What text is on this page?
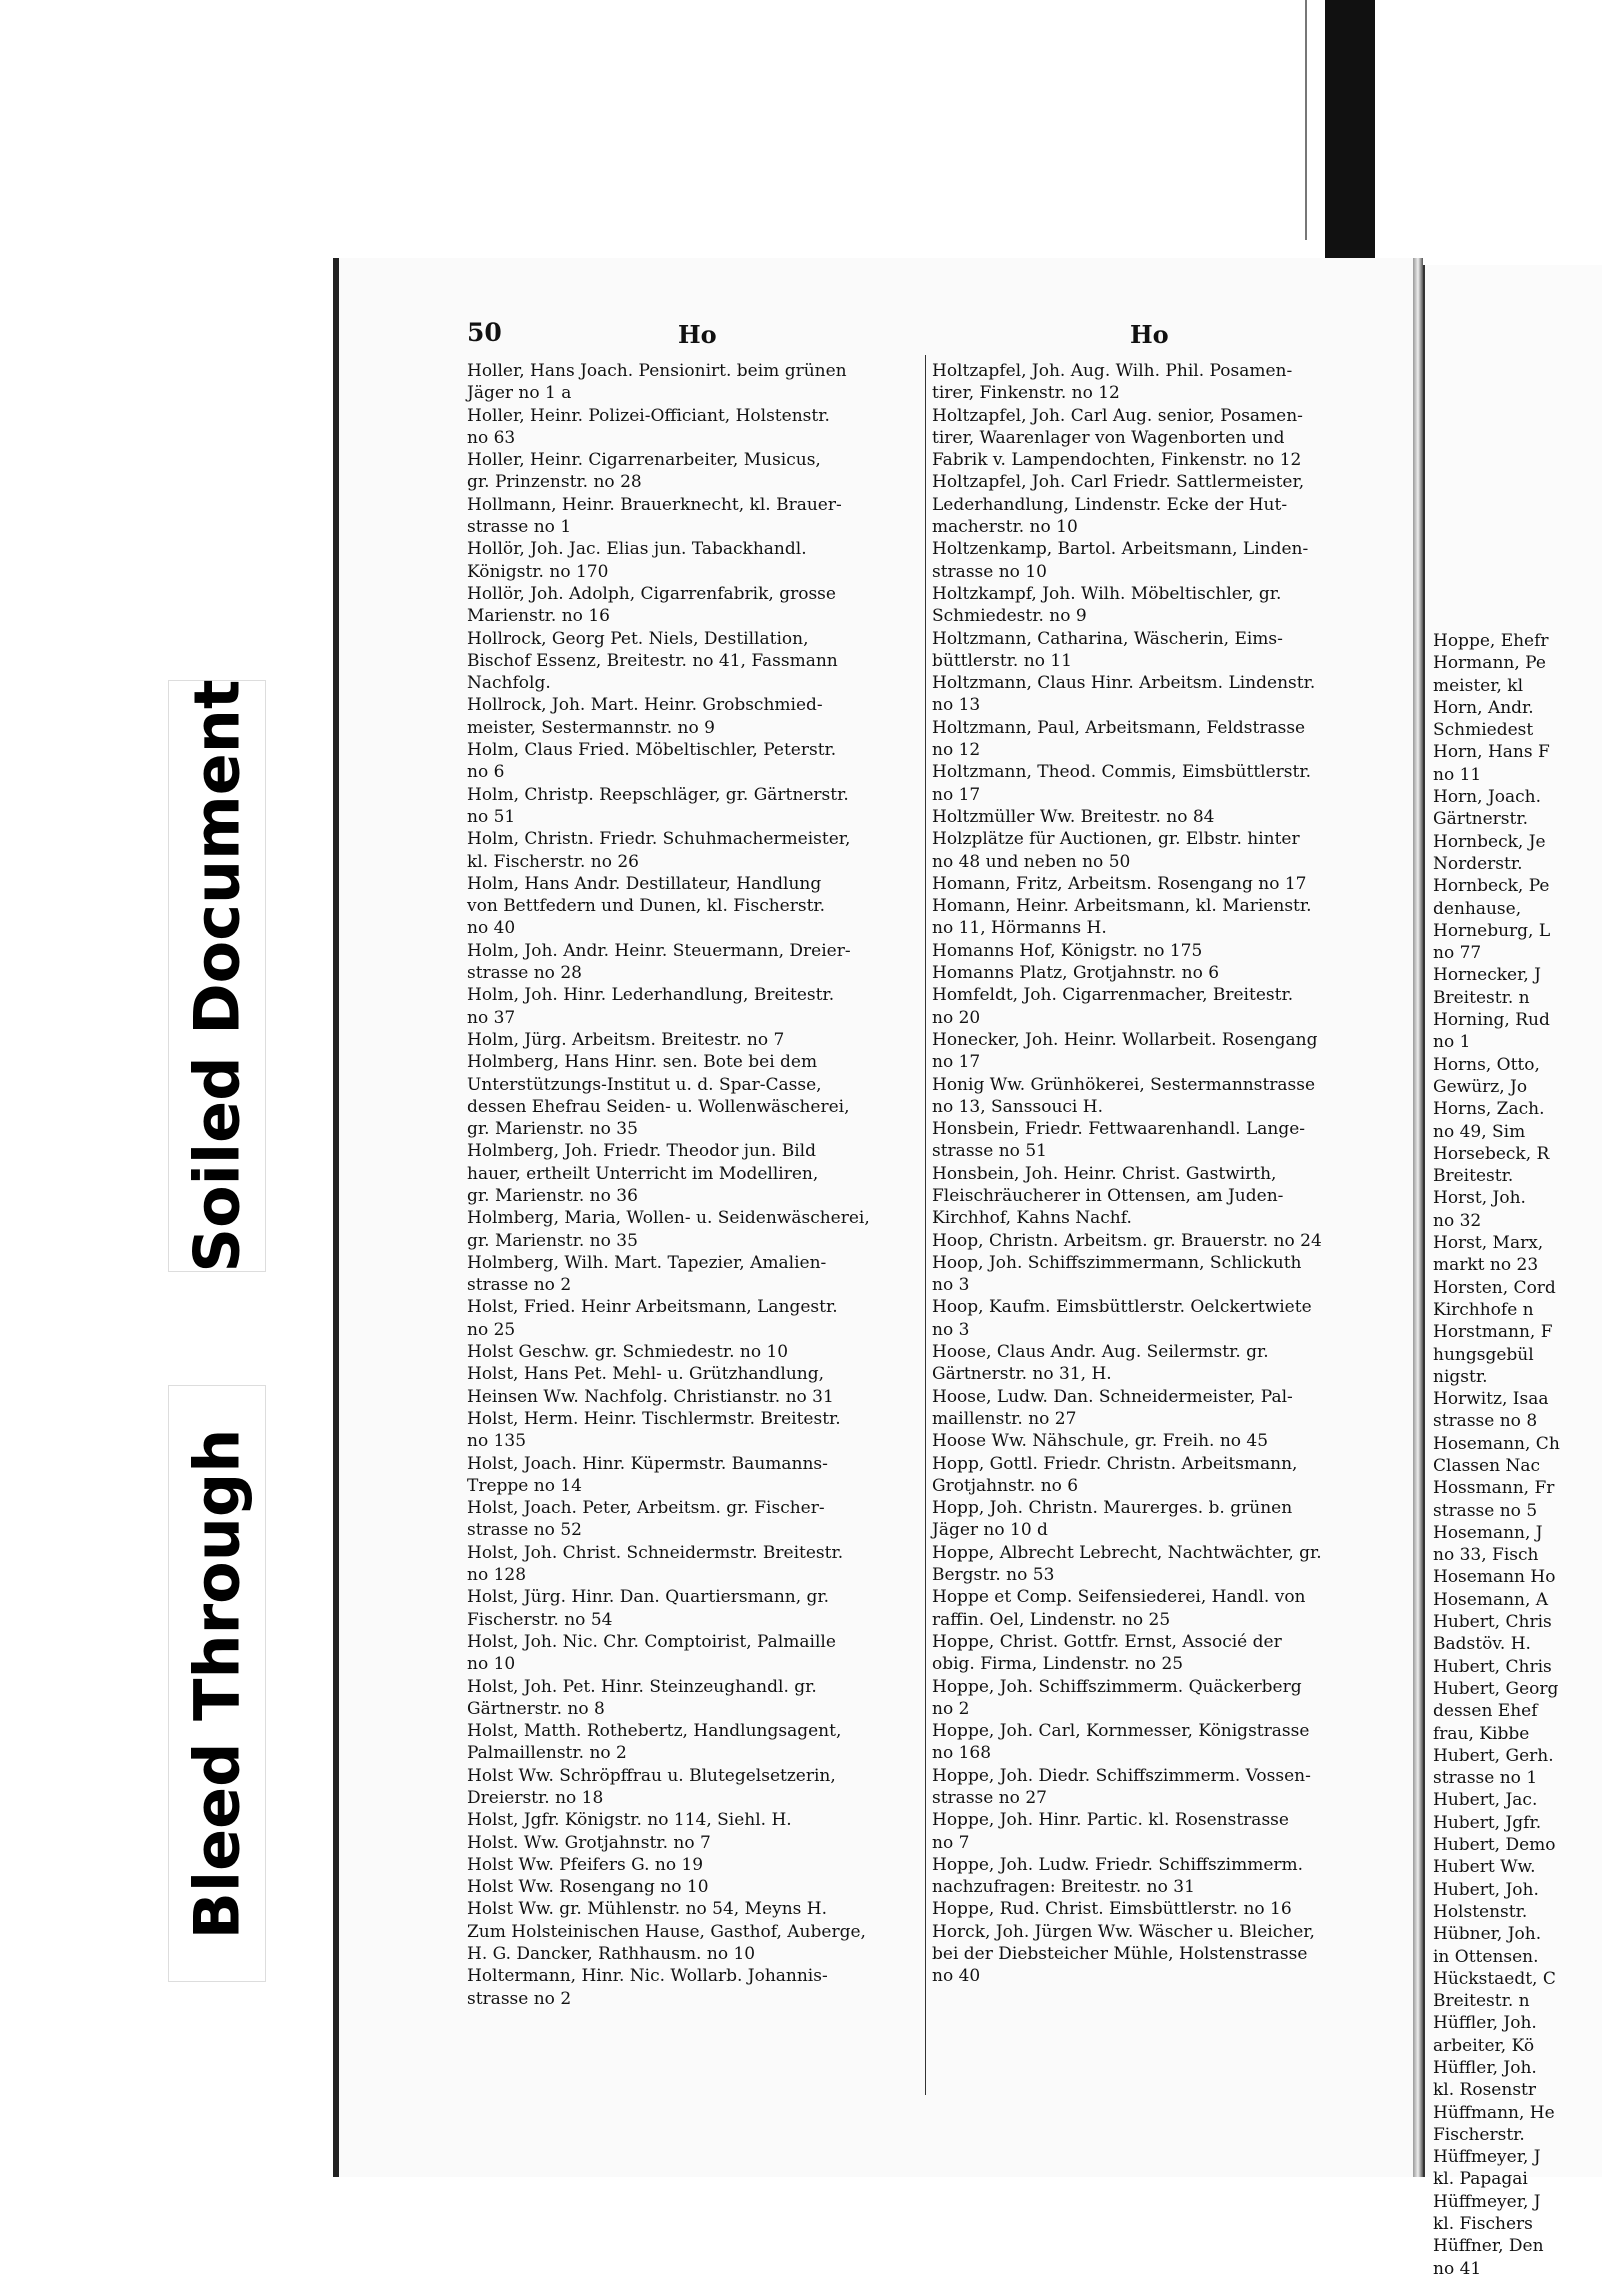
Hoppe, Ehefr
Hormann, Pe
meister, kl
Horn, Andr.
Schmiedest
Horn, Hans F
no 11
Horn, Joach.
Gärtnerstr.
Hornbeck, Je
Norderstr.
Hornbeck, Pe
denhause,
Horneburg, L
no 77
Hornecker, J
Breitestr. n
Horning, Rud
no 1
Horns, Otto,
Gewürz, Jo
Horns, Zach.
no 49, Sim
Horsebeck, R
Breitestr.
Horst, Joh.
no 32
Horst, Marx,
markt no 23
Horsten, Cord
Kirchhofe n
Horstmann, F
hungsgebül
nigstr.
Horwitz, Isaa
strasse no 8
Hosemann, Ch
Classen Nac
Hossmann, Fr
strasse no 5
Hosemann, J
no 33, Fisch
Hosemann Ho
Hosemann, A
Hubert, Chris
Badstöv. H.
Hubert, Chris
Hubert, Georg
dessen Ehef
frau, Kibbe
Hubert, Gerh.
strasse no 1
Hubert, Jac.
Hubert, Jgfr.
Hubert, Demo
Hubert Ww.
Hubert, Joh.
Holstenstr.
Hübner, Joh.
in Ottensen.
Hückstaedt, C
Breitestr. n
Hüffler, Joh.
arbeiter, Kö
Hüffler, Joh.
kl. Rosenstr
Hüffmann, He
Fischerstr.
Hüffmeyer, J
kl. Papagai
Hüffmeyer, J
kl. Fischers
Hüffner, Den
no 41
Soiled Document
Bleed Through
50	Ho	Ho
Holler, Hans Joach. Pensionirt. beim grünen
Jäger no 1 a
Holler, Heinr. Polizei-Officiant, Holstenstr.
no 63
Holler, Heinr. Cigarrenarbeiter, Musicus,
gr. Prinzenstr. no 28
Hollmann, Heinr. Brauerknecht, kl. Brauer-
strasse no 1
Hollör, Joh. Jac. Elias jun. Tabackhandl.
Königstr. no 170
Hollör, Joh. Adolph, Cigarrenfabrik, grosse
Marienstr. no 16
Hollrock, Georg Pet. Niels, Destillation,
Bischof Essenz, Breitestr. no 41, Fassmann
Nachfolg.
Hollrock, Joh. Mart. Heinr. Grobschmied-
meister, Sestermannstr. no 9
Holm, Claus Fried. Möbeltischler, Peterstr.
no 6
Holm, Christp. Reepschläger, gr. Gärtnerstr.
no 51
Holm, Christn. Friedr. Schuhmachermeister,
kl. Fischerstr. no 26
Holm, Hans Andr. Destillateur, Handlung
von Bettfedern und Dunen, kl. Fischerstr.
no 40
Holm, Joh. Andr. Heinr. Steuermann, Dreier-
strasse no 28
Holm, Joh. Hinr. Lederhandlung, Breitestr.
no 37
Holm, Jürg. Arbeitsm. Breitestr. no 7
Holmberg, Hans Hinr. sen. Bote bei dem
Unterstützungs-Institut u. d. Spar-Casse,
dessen Ehefrau Seiden- u. Wollenwäscherei,
gr. Marienstr. no 35
Holmberg, Joh. Friedr. Theodor jun. Bild
hauer, ertheilt Unterricht im Modelliren,
gr. Marienstr. no 36
Holmberg, Maria, Wollen- u. Seidenwäscherei,
gr. Marienstr. no 35
Holmberg, Wilh. Mart. Tapezier, Amalien-
strasse no 2
Holst, Fried. Heinr Arbeitsmann, Langestr.
no 25
Holst Geschw. gr. Schmiedestr. no 10
Holst, Hans Pet. Mehl- u. Grützhandlung,
Heinsen Ww. Nachfolg. Christianstr. no 31
Holst, Herm. Heinr. Tischlermstr. Breitestr.
no 135
Holst, Joach. Hinr. Küpermstr. Baumanns-
Treppe no 14
Holst, Joach. Peter, Arbeitsm. gr. Fischer-
strasse no 52
Holst, Joh. Christ. Schneidermstr. Breitestr.
no 128
Holst, Jürg. Hinr. Dan. Quartiersmann, gr.
Fischerstr. no 54
Holst, Joh. Nic. Chr. Comptoirist, Palmaille
no 10
Holst, Joh. Pet. Hinr. Steinzeughandl. gr.
Gärtnerstr. no 8
Holst, Matth. Rothebertz, Handlungsagent,
Palmaillenstr. no 2
Holst Ww. Schröpffrau u. Blutegelsetzerin,
Dreierstr. no 18
Holst, Jgfr. Königstr. no 114, Siehl. H.
Holst. Ww. Grotjahnstr. no 7
Holst Ww. Pfeifers G. no 19
Holst Ww. Rosengang no 10
Holst Ww. gr. Mühlenstr. no 54, Meyns H.
Zum Holsteinischen Hause, Gasthof, Auberge,
H. G. Dancker, Rathhausm. no 10
Holtermann, Hinr. Nic. Wollarb. Johannis-
strasse no 2
Holtzapfel, Joh. Aug. Wilh. Phil. Posamen-
tirer, Finkenstr. no 12
Holtzapfel, Joh. Carl Aug. senior, Posamen-
tirer, Waarenlager von Wagenborten und
Fabrik v. Lampendochten, Finkenstr. no 12
Holtzapfel, Joh. Carl Friedr. Sattlermeister,
Lederhandlung, Lindenstr. Ecke der Hut-
macherstr. no 10
Holtzenkamp, Bartol. Arbeitsmann, Linden-
strasse no 10
Holtzkampf, Joh. Wilh. Möbeltischler, gr.
Schmiedestr. no 9
Holtzmann, Catharina, Wäscherin, Eims-
büttlerstr. no 11
Holtzmann, Claus Hinr. Arbeitsm. Lindenstr.
no 13
Holtzmann, Paul, Arbeitsmann, Feldstrasse
no 12
Holtzmann, Theod. Commis, Eimsbüttlerstr.
no 17
Holtzmüller Ww. Breitestr. no 84
Holzplätze für Auctionen, gr. Elbstr. hinter
no 48 und neben no 50
Homann, Fritz, Arbeitsm. Rosengang no 17
Homann, Heinr. Arbeitsmann, kl. Marienstr.
no 11, Hörmanns H.
Homanns Hof, Königstr. no 175
Homanns Platz, Grotjahnstr. no 6
Homfeldt, Joh. Cigarrenmacher, Breitestr.
no 20
Honecker, Joh. Heinr. Wollarbeit. Rosengang
no 17
Honig Ww. Grünhökerei, Sestermannstrasse
no 13, Sanssouci H.
Honsbein, Friedr. Fettwaarenhandl. Lange-
strasse no 51
Honsbein, Joh. Heinr. Christ. Gastwirth,
Fleischräucherer in Ottensen, am Juden-
Kirchhof, Kahns Nachf.
Hoop, Christn. Arbeitsm. gr. Brauerstr. no 24
Hoop, Joh. Schiffszimmermann, Schlickuth
no 3
Hoop, Kaufm. Eimsbüttlerstr. Oelckertwiete
no 3
Hoose, Claus Andr. Aug. Seilermstr. gr.
Gärtnerstr. no 31, H.
Hoose, Ludw. Dan. Schneidermeister, Pal-
maillenstr. no 27
Hoose Ww. Nähschule, gr. Freih. no 45
Hopp, Gottl. Friedr. Christn. Arbeitsmann,
Grotjahnstr. no 6
Hopp, Joh. Christn. Maurerges. b. grünen
Jäger no 10 d
Hoppe, Albrecht Lebrecht, Nachtwächter, gr.
Bergstr. no 53
Hoppe et Comp. Seifensiederei, Handl. von
raffin. Oel, Lindenstr. no 25
Hoppe, Christ. Gottfr. Ernst, Associé der
obig. Firma, Lindenstr. no 25
Hoppe, Joh. Schiffszimmerm. Quäckerberg
no 2
Hoppe, Joh. Carl, Kornmesser, Königstrasse
no 168
Hoppe, Joh. Diedr. Schiffszimmerm. Vossen-
strasse no 27
Hoppe, Joh. Hinr. Partic. kl. Rosenstrasse
no 7
Hoppe, Joh. Ludw. Friedr. Schiffszimmerm.
nachzufragen: Breitestr. no 31
Hoppe, Rud. Christ. Eimsbüttlerstr. no 16
Horck, Joh. Jürgen Ww. Wäscher u. Bleicher,
bei der Diebsteicher Mühle, Holstenstrasse
no 40
